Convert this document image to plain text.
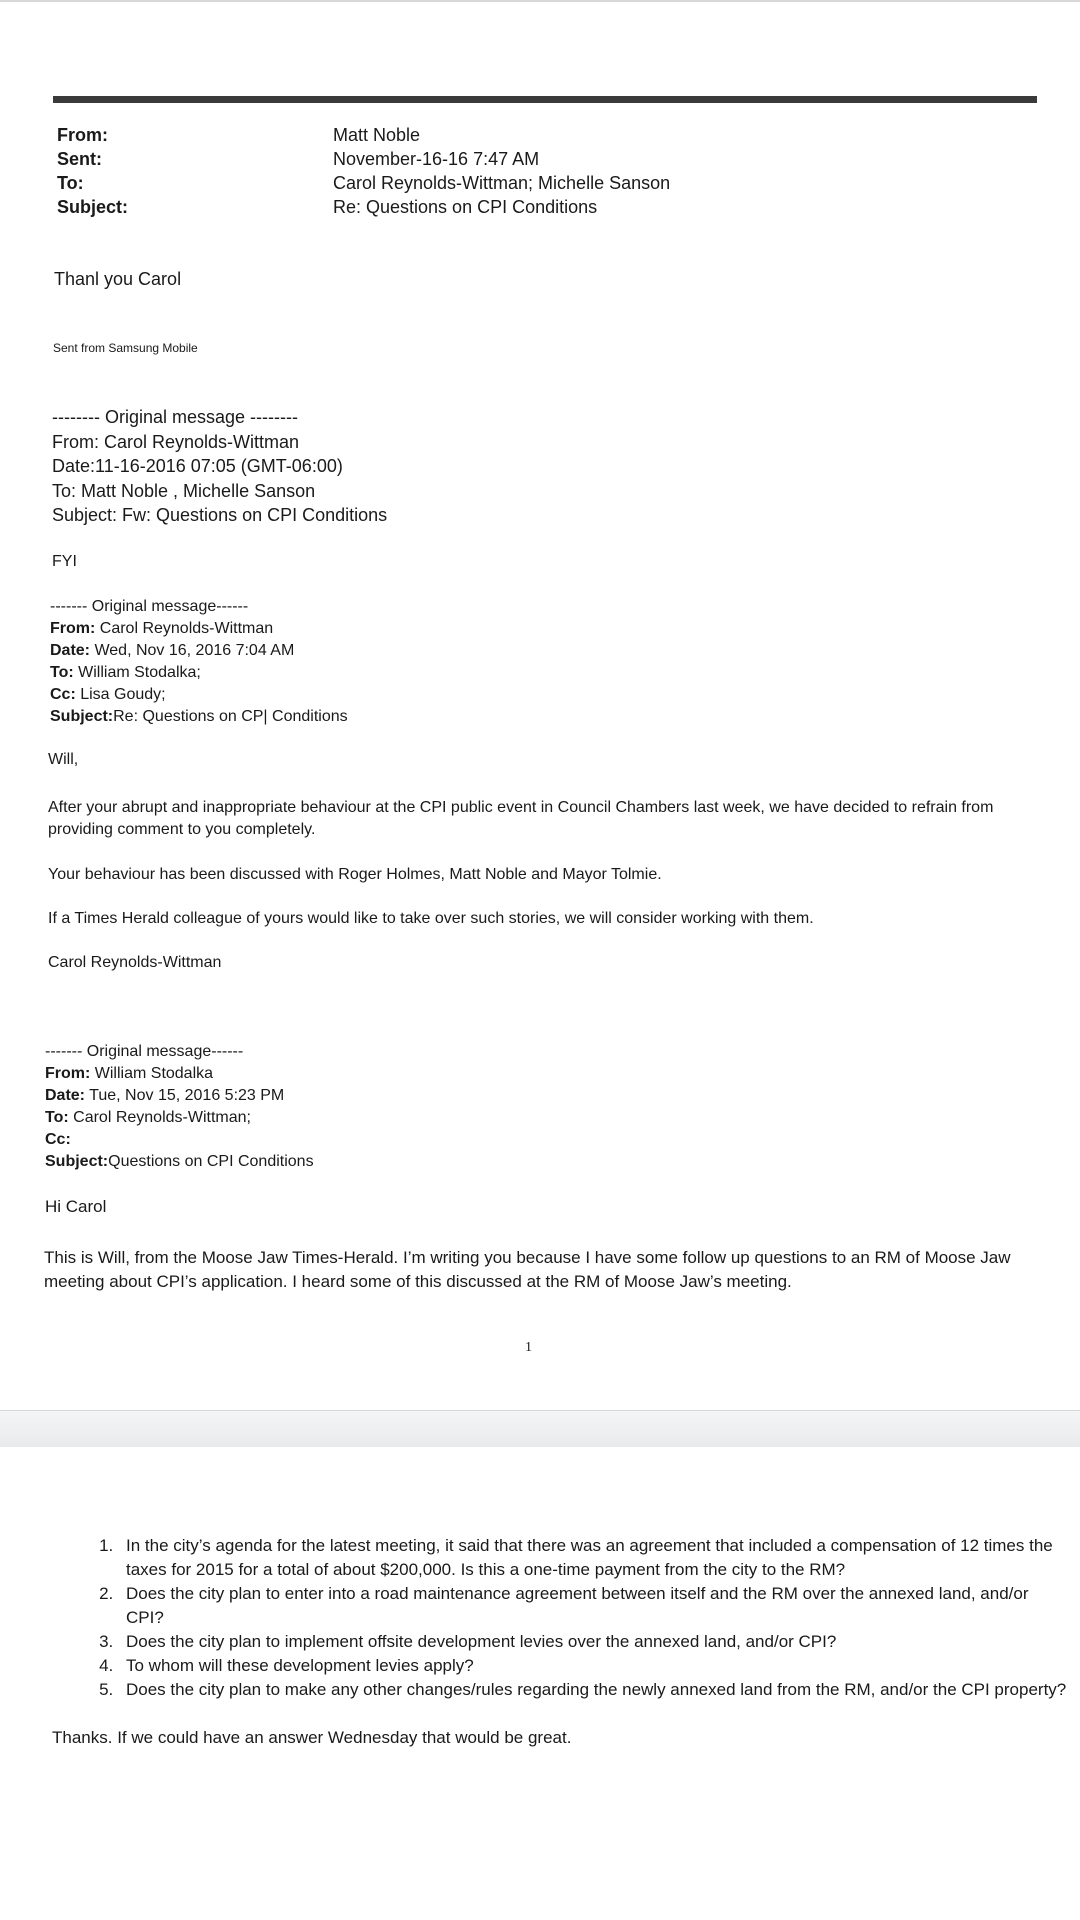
From:	Matt Noble
Sent:	November-16-16 7:47 AM
To:	Carol Reynolds-Wittman; Michelle Sanson
Subject:	Re: Questions on CPI Conditions
Thanl you Carol
Sent from Samsung Mobile
-------- Original message --------
From: Carol Reynolds-Wittman
Date:11-16-2016 07:05 (GMT-06:00)
To: Matt Noble , Michelle Sanson
Subject: Fw: Questions on CPI Conditions
FYI
------- Original message------
From: Carol Reynolds-Wittman
Date: Wed, Nov 16, 2016 7:04 AM
To: William Stodalka;
Cc: Lisa Goudy;
Subject:Re: Questions on CP| Conditions
Will,
After your abrupt and inappropriate behaviour at the CPI public event in Council Chambers last week, we have decided to refrain from providing comment to you completely.
Your behaviour has been discussed with Roger Holmes, Matt Noble and Mayor Tolmie.
If a Times Herald colleague of yours would like to take over such stories, we will consider working with them.
Carol Reynolds-Wittman
------- Original message------
From: William Stodalka
Date: Tue, Nov 15, 2016 5:23 PM
To: Carol Reynolds-Wittman;
Cc:
Subject:Questions on CPI Conditions
Hi Carol
This is Will, from the Moose Jaw Times-Herald. I’m writing you because I have some follow up questions to an RM of Moose Jaw meeting about CPI’s application. I heard some of this discussed at the RM of Moose Jaw’s meeting.
1
1. In the city’s agenda for the latest meeting, it said that there was an agreement that included a compensation of 12 times the taxes for 2015 for a total of about $200,000. Is this a one-time payment from the city to the RM?
2. Does the city plan to enter into a road maintenance agreement between itself and the RM over the annexed land, and/or CPI?
3. Does the city plan to implement offsite development levies over the annexed land, and/or CPI?
4. To whom will these development levies apply?
5. Does the city plan to make any other changes/rules regarding the newly annexed land from the RM, and/or the CPI property?
Thanks. If we could have an answer Wednesday that would be great.
